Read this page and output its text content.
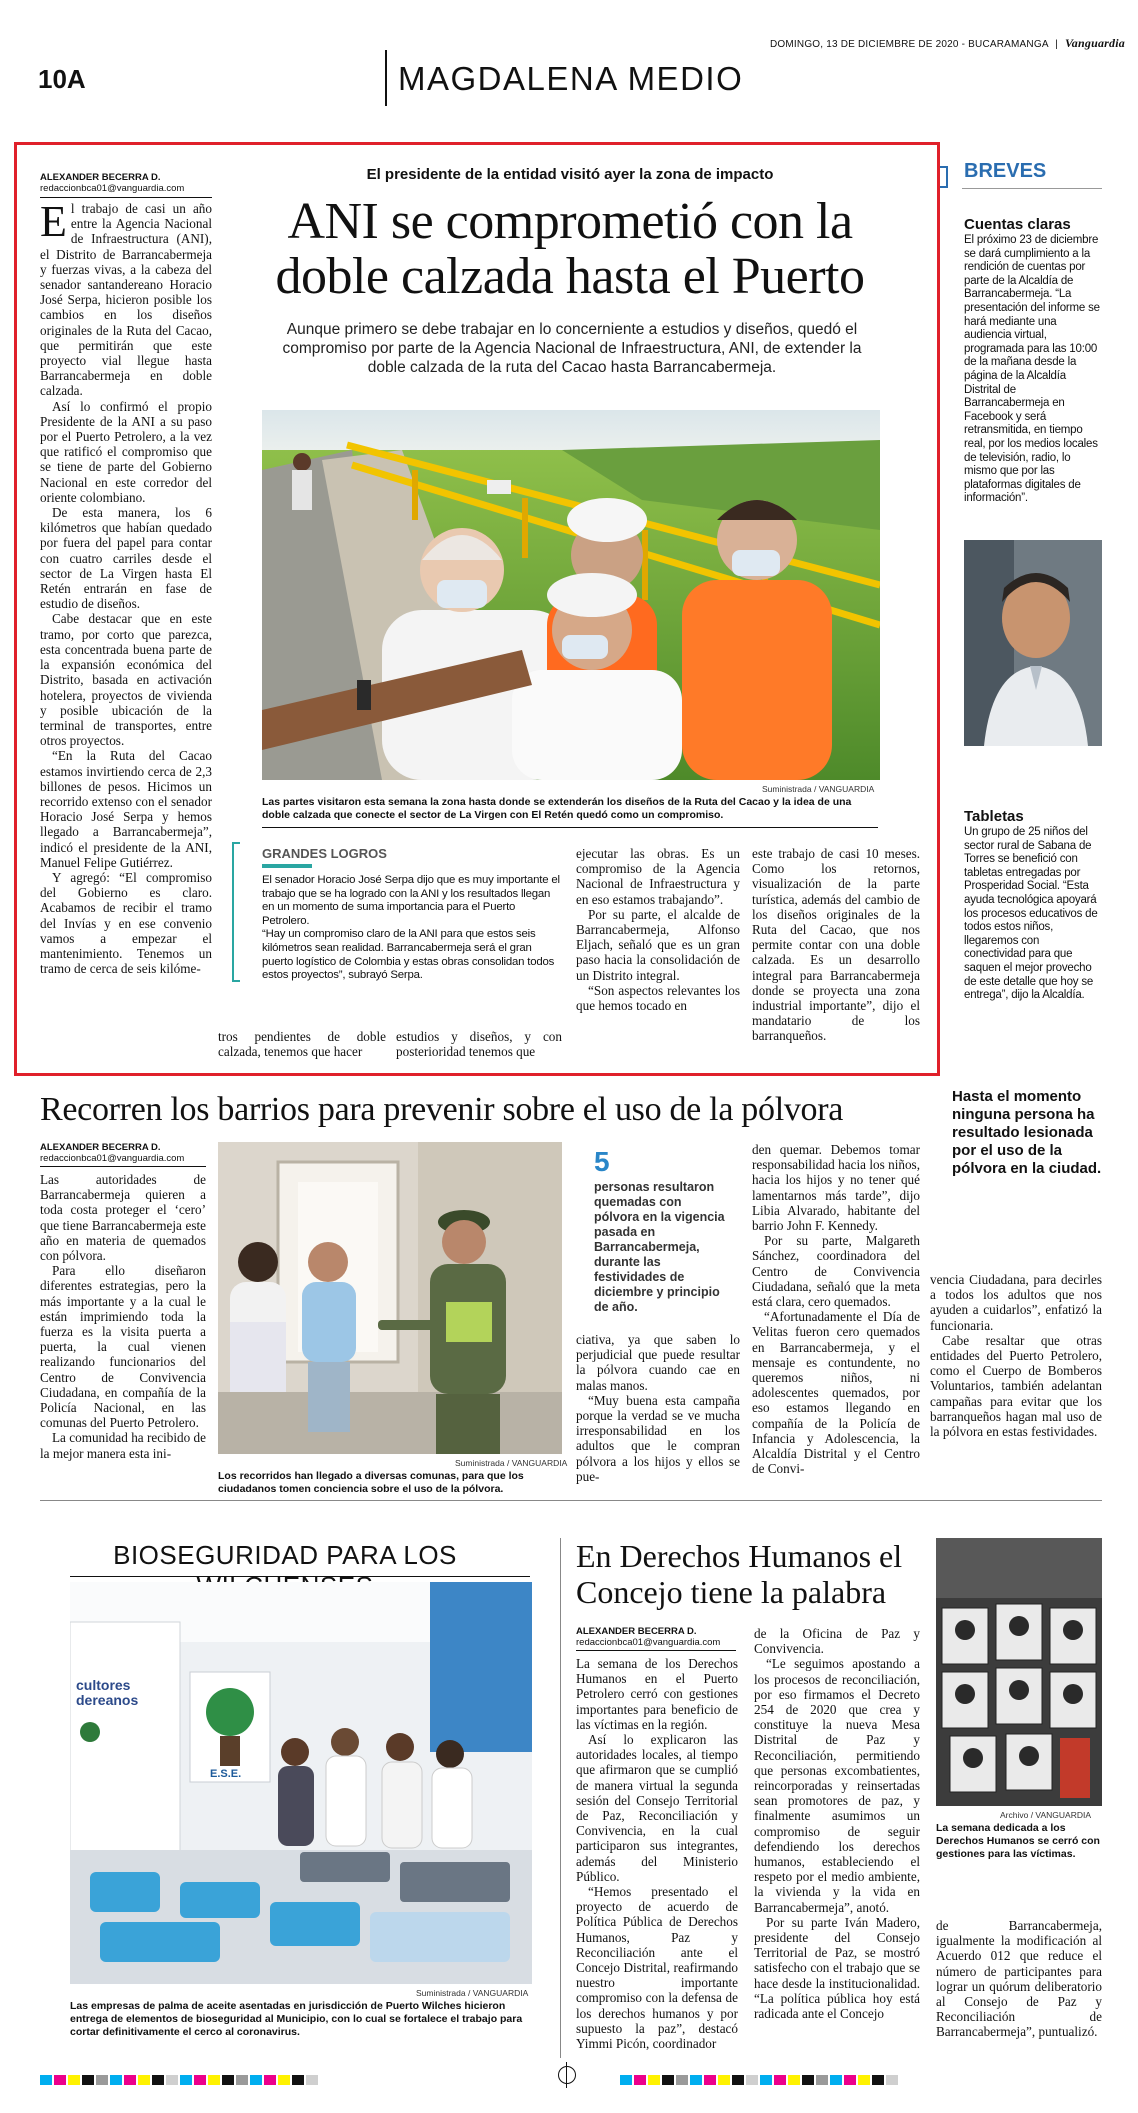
DOMINGO, 13 DE DICIEMBRE DE 2020 - BUCARAMANGA | Vanguardia
10A	MAGDALENA MEDIO
ALEXANDER BECERRA D.
redaccionbca01@vanguardia.com

El trabajo de casi un año entre la Agencia Nacional de Infraestructura (ANI), el Distrito de Barrancabermeja y fuerzas vivas, a la cabeza del senador santandereano Horacio José Serpa, hicieron posible los cambios en los diseños originales de la Ruta del Cacao, que permitirán que este proyecto vial llegue hasta Barrancabermeja en doble calzada.

Así lo confirmó el propio Presidente de la ANI a su paso por el Puerto Petrolero, a la vez que ratificó el compromiso que se tiene de parte del Gobierno Nacional en este corredor del oriente colombiano.

De esta manera, los 6 kilómetros que habían quedado por fuera del papel para contar con cuatro carriles desde el sector de La Virgen hasta El Retén entrarán en fase de estudio de diseños.

Cabe destacar que en este tramo, por corto que parezca, esta concentrada buena parte de la expansión económica del Distrito, basada en activación hotelera, proyectos de vivienda y posible ubicación de la terminal de transportes, entre otros proyectos.

“En la Ruta del Cacao estamos invirtiendo cerca de 2,3 billones de pesos. Hicimos un recorrido extenso con el senador Horacio José Serpa y hemos llegado a Barrancabermeja”, indicó el presidente de la ANI, Manuel Felipe Gutiérrez.

Y agregó: “El compromiso del Gobierno es claro. Acabamos de recibir el tramo del Invías y en ese convenio vamos a empezar el mantenimiento. Tenemos un tramo de cerca de seis kilóme-

El presidente de la entidad visitó ayer la zona de impacto
ANI se comprometió con la doble calzada hasta el Puerto
Aunque primero se debe trabajar en lo concerniente a estudios y diseños, quedó el compromiso por parte de la Agencia Nacional de Infraestructura, ANI, de extender la doble calzada de la ruta del Cacao hasta Barrancabermeja.
Suministrada / VANGUARDIA
Las partes visitaron esta semana la zona hasta donde se extenderán los diseños de la Ruta del Cacao y la idea de una doble calzada que conecte el sector de La Virgen con El Retén quedó como un compromiso.
GRANDES LOGROS
El senador Horacio José Serpa dijo que es muy importante el trabajo que se ha logrado con la ANI y los resultados llegan en un momento de suma importancia para el Puerto Petrolero.
“Hay un compromiso claro de la ANI para que estos seis kilómetros sean realidad. Barrancabermeja será el gran puerto logístico de Colombia y estas obras consolidan todos estos proyectos”, subrayó Serpa.
tros pendientes de doble calzada, tenemos que hacer
estudios y diseños, y con posterioridad tenemos que

ejecutar las obras. Es un compromiso de la Agencia Nacional de Infraestructura y en eso estamos trabajando”.

Por su parte, el alcalde de Barrancabermeja, Alfonso Eljach, señaló que es un gran paso hacia la consolidación de un Distrito integral.

“Son aspectos relevantes los que hemos tocado en

este trabajo de casi 10 meses. Como los retornos, visualización de la parte turística, además del cambio de los diseños originales de la Ruta del Cacao, que nos permite contar con una doble calzada. Es un desarrollo integral para Barrancabermeja donde se proyecta una zona industrial importante”, dijo el mandatario de los barranqueños.

BREVES
Cuentas claras
El próximo 23 de diciembre se dará cumplimiento a la rendición de cuentas por parte de la Alcaldía de Barrancabermeja. “La presentación del informe se hará mediante una audiencia virtual, programada para las 10:00 de la mañana desde la página de la Alcaldía Distrital de Barrancabermeja en Facebook y será retransmitida, en tiempo real, por los medios locales de televisión, radio, lo mismo que por las plataformas digitales de información”.
Tabletas
Un grupo de 25 niños del sector rural de Sabana de Torres se benefició con tabletas entregadas por Prosperidad Social. “Esta ayuda tecnológica apoyará los procesos educativos de todos estos niños, llegaremos con conectividad para que saquen el mejor provecho de este detalle que hoy se entrega”, dijo la Alcaldía.
Recorren los barrios para prevenir sobre el uso de la pólvora
ALEXANDER BECERRA D.
redaccionbca01@vanguardia.com

Las autoridades de Barrancabermeja quieren a toda costa proteger el ‘cero’ que tiene Barrancabermeja este año en materia de quemados con pólvora.

Para ello diseñaron diferentes estrategias, pero la más importante y a la cual le están imprimiendo toda la fuerza es la visita puerta a puerta, la cual vienen realizando funcionarios del Centro de Convivencia Ciudadana, en compañía de la Policía Nacional, en las comunas del Puerto Petrolero.

La comunidad ha recibido de la mejor manera esta ini-

Suministrada / VANGUARDIA
Los recorridos han llegado a diversas comunas, para que los ciudadanos tomen conciencia sobre el uso de la pólvora.
5
personas resultaron quemadas con pólvora en la vigencia pasada en Barrancabermeja, durante las festividades de diciembre y principio de año.

ciativa, ya que saben lo perjudicial que puede resultar la pólvora cuando cae en malas manos.

“Muy buena esta campaña porque la verdad se ve mucha irresponsabilidad en los adultos que le compran pólvora a los hijos y ellos se pue-

den quemar. Debemos tomar responsabilidad hacia los niños, hacia los hijos y no tener qué lamentarnos más tarde”, dijo Libia Alvarado, habitante del barrio John F. Kennedy.

Por su parte, Malgareth Sánchez, coordinadora del Centro de Convivencia Ciudadana, señaló que la meta está clara, cero quemados.

“Afortunadamente el Día de Velitas fueron cero quemados en Barrancabermeja, y el mensaje es contundente, no queremos niños, ni adolescentes quemados, por eso estamos llegando en compañía de la Policía de Infancia y Adolescencia, la Alcaldía Distrital y el Centro de Convi-

Hasta el momento ninguna persona ha resultado lesionada por el uso de la pólvora en la ciudad.

vencia Ciudadana, para decirles a todos los adultos que nos ayuden a cuidarlos”, enfatizó la funcionaria.

Cabe resaltar que otras entidades del Puerto Petrolero, como el Cuerpo de Bomberos Voluntarios, también adelantan campañas para evitar que los barranqueños hagan mal uso de la pólvora en estas festividades.

BIOSEGURIDAD PARA LOS
cultores dereanos
E.S.E.
Suministrada / VANGUARDIA
Las empresas de palma de aceite asentadas en jurisdicción de Puerto Wilches hicieron entrega de elementos de bioseguridad al Municipio, con lo cual se fortalece el trabajo para cortar definitivamente el cerco al coronavirus.
En Derechos Humanos el Concejo tiene la palabra
ALEXANDER BECERRA D.
redaccionbca01@vanguardia.com

La semana de los Derechos Humanos en el Puerto Petrolero cerró con gestiones importantes para beneficio de las víctimas en la región.

Así lo explicaron las autoridades locales, al tiempo que afirmaron que se cumplió de manera virtual la segunda sesión del Consejo Territorial de Paz, Reconciliación y Convivencia, en la cual participaron sus integrantes, además del Ministerio Público.

“Hemos presentado el proyecto de acuerdo de Política Pública de Derechos Humanos, Paz y Reconciliación ante el Concejo Distrital, reafirmando nuestro importante compromiso con la defensa de los derechos humanos y por supuesto la paz”, destacó Yimmi Picón, coordinador

de la Oficina de Paz y Convivencia.

“Le seguimos apostando a los procesos de reconciliación, por eso firmamos el Decreto 254 de 2020 que crea y constituye la nueva Mesa Distrital de Paz y Reconciliación, permitiendo que personas excombatientes, reincorporadas y reinsertadas sean promotores de paz, y finalmente asumimos un compromiso de seguir defendiendo los derechos humanos, estableciendo el respeto por el medio ambiente, la vivienda y la vida en Barrancabermeja”, anotó.

Por su parte Iván Madero, presidente del Consejo Territorial de Paz, se mostró satisfecho con el trabajo que se hace desde la institucionalidad. “La política pública hoy está radicada ante el Concejo

Archivo / VANGUARDIA
La semana dedicada a los Derechos Humanos se cerró con gestiones para las víctimas.

de Barrancabermeja, igualmente la modificación al Acuerdo 012 que reduce el número de participantes para lograr un quórum deliberatorio al Consejo de Paz y Reconciliación de Barrancabermeja”, puntualizó.
